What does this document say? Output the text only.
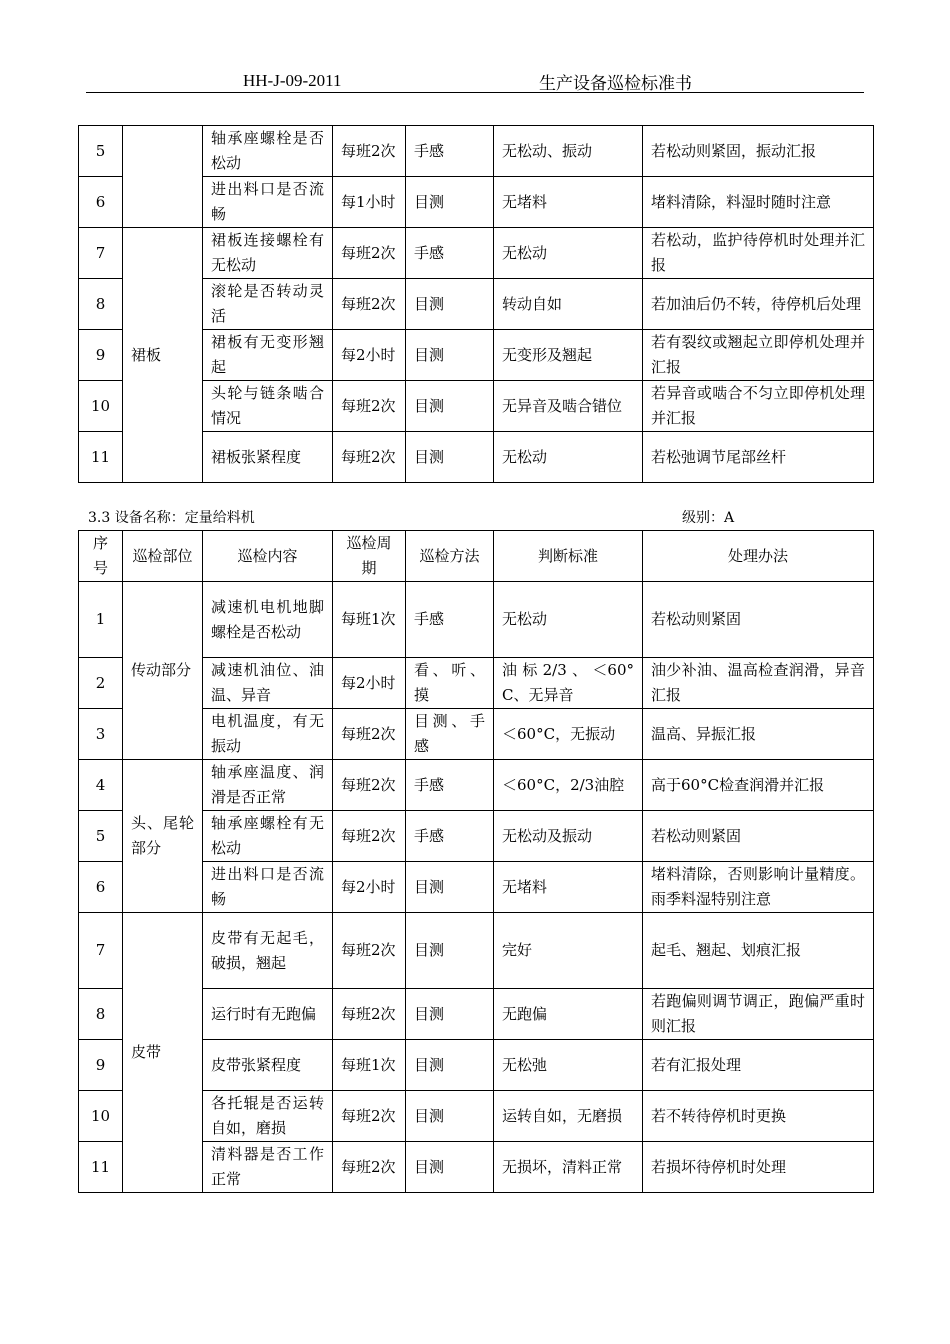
HH-J-09-2011	生产设备巡检标准书
5		轴承座螺栓是否松动	每班2次	手感	无松动、振动	若松动则紧固，振动汇报
6		进出料口是否流畅	每1小时	目测	无堵料	堵料清除，料湿时随时注意
7	裙板	裙板连接螺栓有无松动	每班2次	手感	无松动	若松动，监护待停机时处理并汇报
8		滚轮是否转动灵活	每班2次	目测	转动自如	若加油后仍不转，待停机后处理
9		裙板有无变形翘起	每2小时	目测	无变形及翘起	若有裂纹或翘起立即停机处理并汇报
10		头轮与链条啮合情况	每班2次	目测	无异音及啮合错位	若异音或啮合不匀立即停机处理并汇报
11		裙板张紧程度	每班2次	目测	无松动	若松弛调节尾部丝杆
3.3 设备名称：定量给料机	级别：A
序号	巡检部位	巡检内容	巡检周期	巡检方法	判断标准	处理办法
1	传动部分	减速机电机地脚螺栓是否松动	每班1次	手感	无松动	若松动则紧固
2		减速机油位、油温、异音	每2小时	看、听、摸	油标2/3、＜60°C、无异音	油少补油、温高检查润滑，异音汇报
3		电机温度，有无振动	每班2次	目测、手感	＜60°C，无振动	温高、异振汇报
4	头、尾轮部分	轴承座温度、润滑是否正常	每班2次	手感	＜60°C，2/3油腔	高于60°C检查润滑并汇报
5		轴承座螺栓有无松动	每班2次	手感	无松动及振动	若松动则紧固
6		进出料口是否流畅	每2小时	目测	无堵料	堵料清除，否则影响计量精度。雨季料湿特别注意
7	皮带	皮带有无起毛，破损，翘起	每班2次	目测	完好	起毛、翘起、划痕汇报
8		运行时有无跑偏	每班2次	目测	无跑偏	若跑偏则调节调正，跑偏严重时则汇报
9		皮带张紧程度	每班1次	目测	无松弛	若有汇报处理
10		各托辊是否运转自如，磨损	每班2次	目测	运转自如，无磨损	若不转待停机时更换
11		清料器是否工作正常	每班2次	目测	无损坏，清料正常	若损坏待停机时处理
